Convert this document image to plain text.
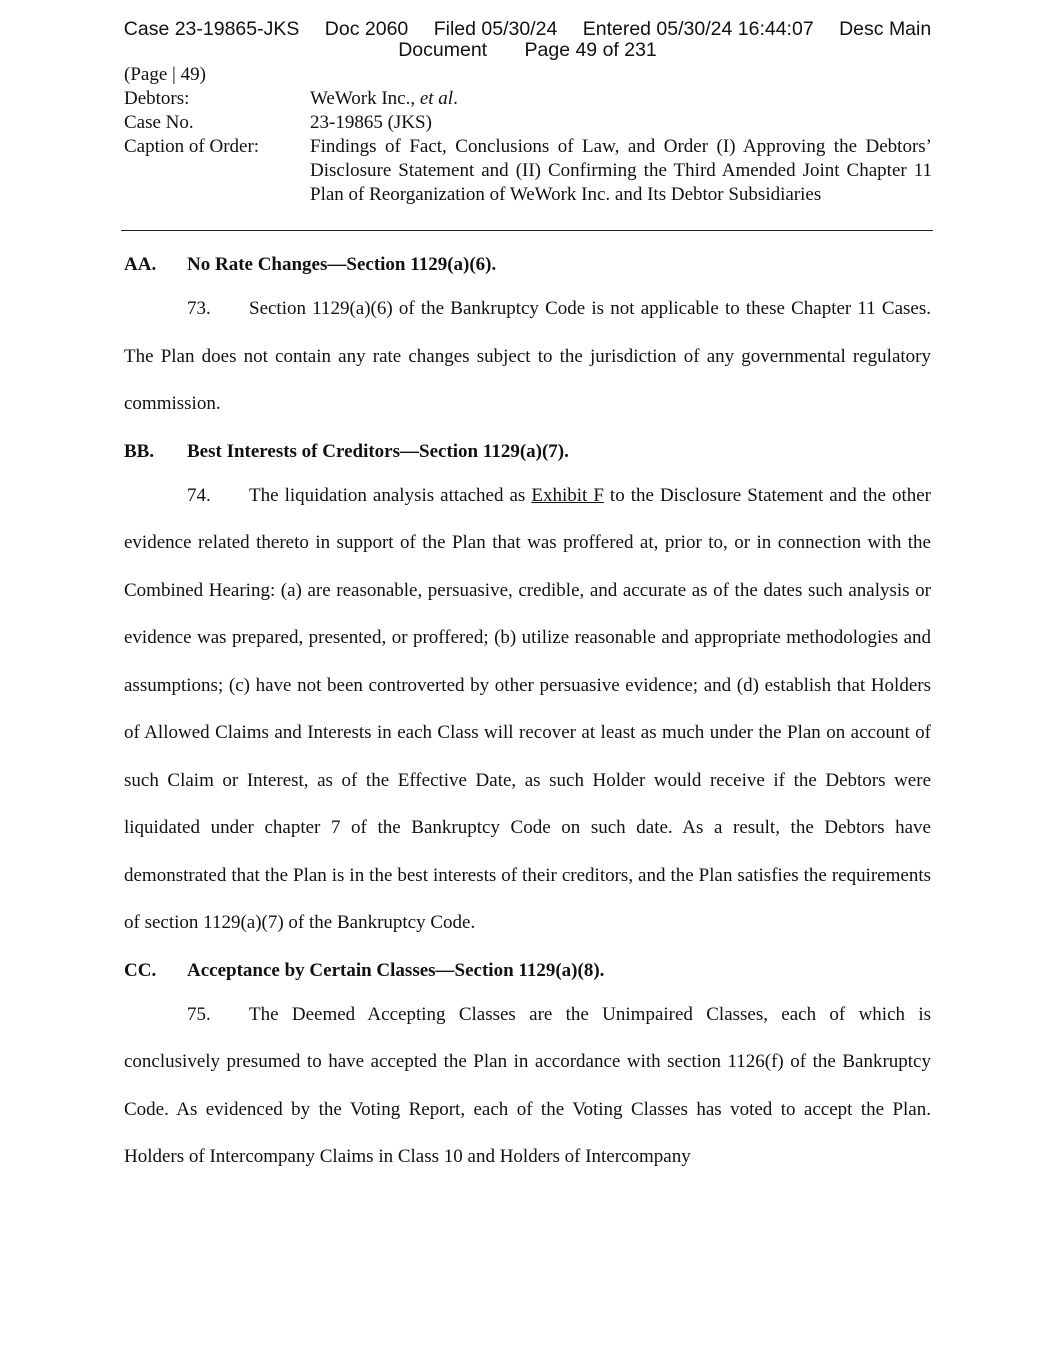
Case 23-19865-JKS Doc 2060 Filed 05/30/24 Entered 05/30/24 16:44:07 Desc Main
Document Page 49 of 231
(Page | 49)
Debtors:	WeWork Inc., et al.
Case No.	23-19865 (JKS)
Caption of Order:	Findings of Fact, Conclusions of Law, and Order (I) Approving the Debtors’ Disclosure Statement and (II) Confirming the Third Amended Joint Chapter 11 Plan of Reorganization of WeWork Inc. and Its Debtor Subsidiaries
AA. No Rate Changes—Section 1129(a)(6).

73. Section 1129(a)(6) of the Bankruptcy Code is not applicable to these Chapter 11 Cases. The Plan does not contain any rate changes subject to the jurisdiction of any governmental regulatory commission.

BB. Best Interests of Creditors—Section 1129(a)(7).

74. The liquidation analysis attached as Exhibit F to the Disclosure Statement and the other evidence related thereto in support of the Plan that was proffered at, prior to, or in connection with the Combined Hearing: (a) are reasonable, persuasive, credible, and accurate as of the dates such analysis or evidence was prepared, presented, or proffered; (b) utilize reasonable and appropriate methodologies and assumptions; (c) have not been controverted by other persuasive evidence; and (d) establish that Holders of Allowed Claims and Interests in each Class will recover at least as much under the Plan on account of such Claim or Interest, as of the Effective Date, as such Holder would receive if the Debtors were liquidated under chapter 7 of the Bankruptcy Code on such date. As a result, the Debtors have demonstrated that the Plan is in the best interests of their creditors, and the Plan satisfies the requirements of section 1129(a)(7) of the Bankruptcy Code.

CC. Acceptance by Certain Classes—Section 1129(a)(8).

75. The Deemed Accepting Classes are the Unimpaired Classes, each of which is conclusively presumed to have accepted the Plan in accordance with section 1126(f) of the Bankruptcy Code. As evidenced by the Voting Report, each of the Voting Classes has voted to accept the Plan. Holders of Intercompany Claims in Class 10 and Holders of Intercompany
